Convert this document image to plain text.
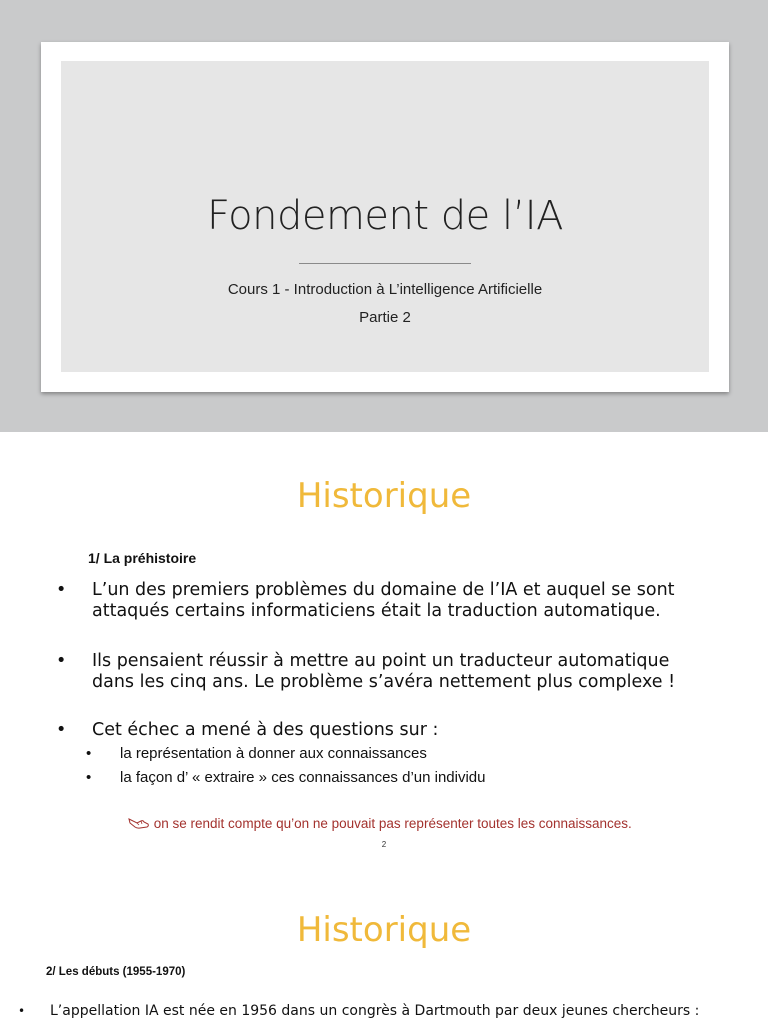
Fondement de l’IA
Cours 1 - Introduction à L’intelligence Artificielle
Partie 2
Historique
1/ La préhistoire
•	L’un des premiers problèmes du domaine de l’IA et auquel se sont attaqués certains informaticiens était la traduction automatique.
•	Ils pensaient réussir à mettre au point un traducteur automatique dans les cinq ans. Le problème s’avéra nettement plus complexe !
•	Cet échec a mené à des questions sur :
• la représentation à donner aux connaissances
• la façon d’ « extraire » ces connaissances d’un individu
on se rendit compte qu’on ne pouvait pas représenter toutes les connaissances.
2
Historique
2/ Les débuts (1955-1970)
• L’appellation IA est née en 1956 dans un congrès à Dartmouth par deux jeunes chercheurs :
